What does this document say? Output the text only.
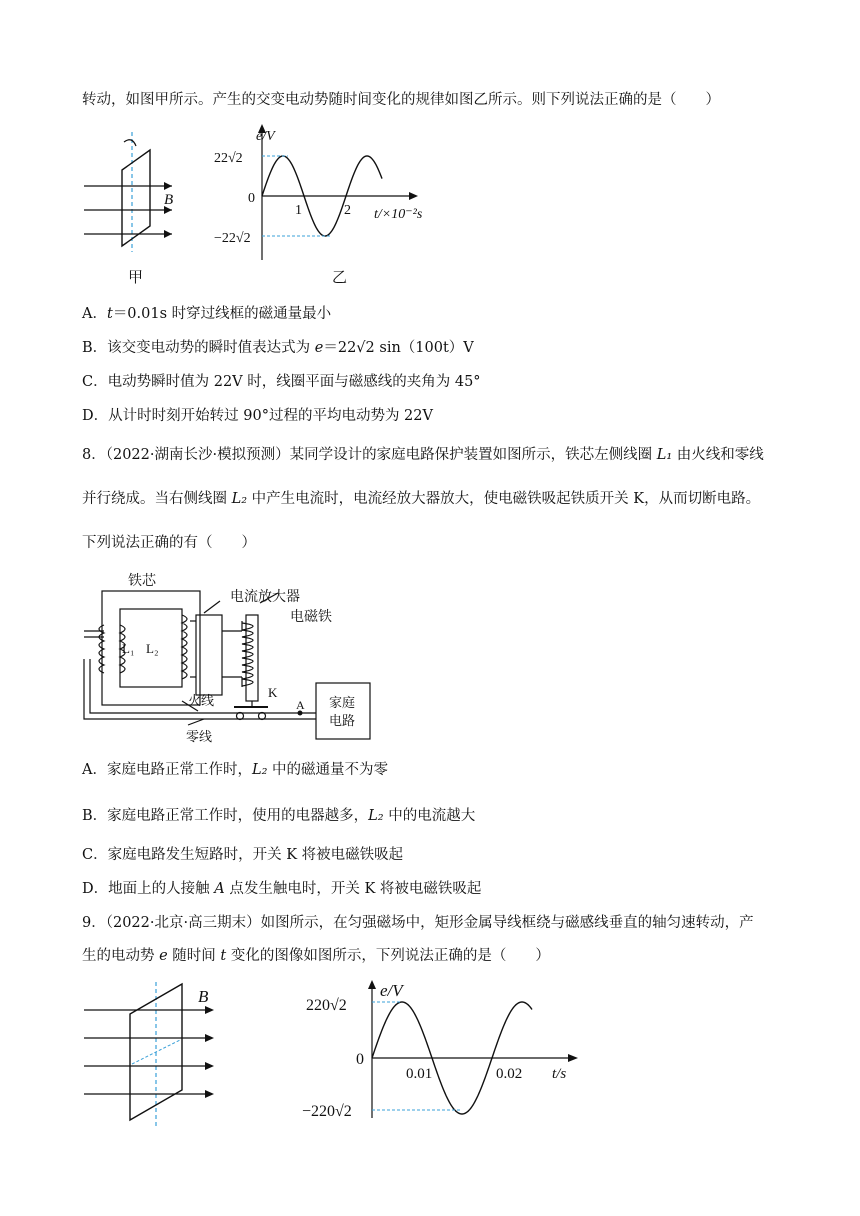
转动，如图甲所示。产生的交变电动势随时间变化的规律如图乙所示。则下列说法正确的是（　　）
B
甲
e/V
22√2
−22√2
0
1	2 t/×10⁻²s
乙
A．t＝0.01s 时穿过线框的磁通量最小
B．该交变电动势的瞬时值表达式为 e＝22√2 sin（100t）V
C．电动势瞬时值为 22V 时，线圈平面与磁感线的夹角为 45°
D．从计时时刻开始转过 90°过程的平均电动势为 22V
8．（2022·湖南长沙·模拟预测）某同学设计的家庭电路保护装置如图所示，铁芯左侧线圈 L₁ 由火线和零线
并行绕成。当右侧线圈 L₂ 中产生电流时，电流经放大器放大，使电磁铁吸起铁质开关 K，从而切断电路。
下列说法正确的有（　　）
铁芯
电流放大器
电磁铁
L₁ L₂
K
火线
零线
A 家庭
电路
A．家庭电路正常工作时，L₂ 中的磁通量不为零
B．家庭电路正常工作时，使用的电器越多，L₂ 中的电流越大
C．家庭电路发生短路时，开关 K 将被电磁铁吸起
D．地面上的人接触 A 点发生触电时，开关 K 将被电磁铁吸起
9．（2022·北京·高三期末）如图所示，在匀强磁场中，矩形金属导线框绕与磁感线垂直的轴匀速转动，产
生的电动势 e 随时间 t 变化的图像如图所示，下列说法正确的是（　　）
B	e/V
220√2
−220√2
0
0.01	0.02 t/s
